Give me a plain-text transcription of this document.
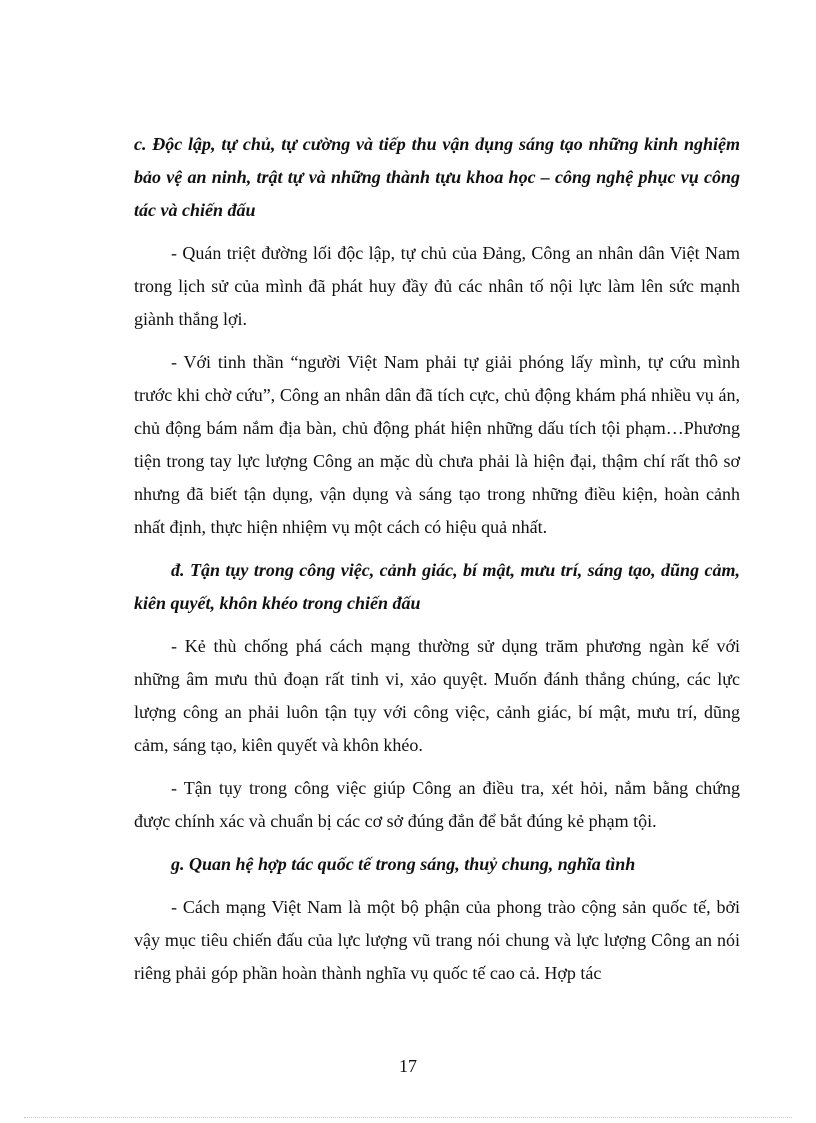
c. Độc lập, tự chủ, tự cường và tiếp thu vận dụng sáng tạo những kinh nghiệm bảo vệ an ninh, trật tự và những thành tựu khoa học – công nghệ phục vụ công tác và chiến đấu

- Quán triệt đường lối độc lập, tự chủ của Đảng, Công an nhân dân Việt Nam trong lịch sử của mình đã phát huy đầy đủ các nhân tố nội lực làm lên sức mạnh giành thắng lợi.

- Với tinh thần “người Việt Nam phải tự giải phóng lấy mình, tự cứu mình trước khi chờ cứu”, Công an nhân dân đã tích cực, chủ động khám phá nhiều vụ án, chủ động bám nắm địa bàn, chủ động phát hiện những dấu tích tội phạm…Phương tiện trong tay lực lượng Công an mặc dù chưa phải là hiện đại, thậm chí rất thô sơ nhưng đã biết tận dụng, vận dụng và sáng tạo trong những điều kiện, hoàn cảnh nhất định, thực hiện nhiệm vụ một cách có hiệu quả nhất.

đ. Tận tụy trong công việc, cảnh giác, bí mật, mưu trí, sáng tạo, dũng cảm, kiên quyết, khôn khéo trong chiến đấu

- Kẻ thù chống phá cách mạng thường sử dụng trăm phương ngàn kế với những âm mưu thủ đoạn rất tinh vi, xảo quyệt. Muốn đánh thắng chúng, các lực lượng công an phải luôn tận tụy với công việc, cảnh giác, bí mật, mưu trí, dũng cảm, sáng tạo, kiên quyết và khôn khéo.

- Tận tụy trong công việc giúp Công an điều tra, xét hỏi, nắm bằng chứng được chính xác và chuẩn bị các cơ sở đúng đắn để bắt đúng kẻ phạm tội.

g. Quan hệ hợp tác quốc tế trong sáng, thuỷ chung, nghĩa tình

- Cách mạng Việt Nam là một bộ phận của phong trào cộng sản quốc tế, bởi vậy mục tiêu chiến đấu của lực lượng vũ trang nói chung và lực lượng Công an nói riêng phải góp phần hoàn thành nghĩa vụ quốc tế cao cả. Hợp tác

17
